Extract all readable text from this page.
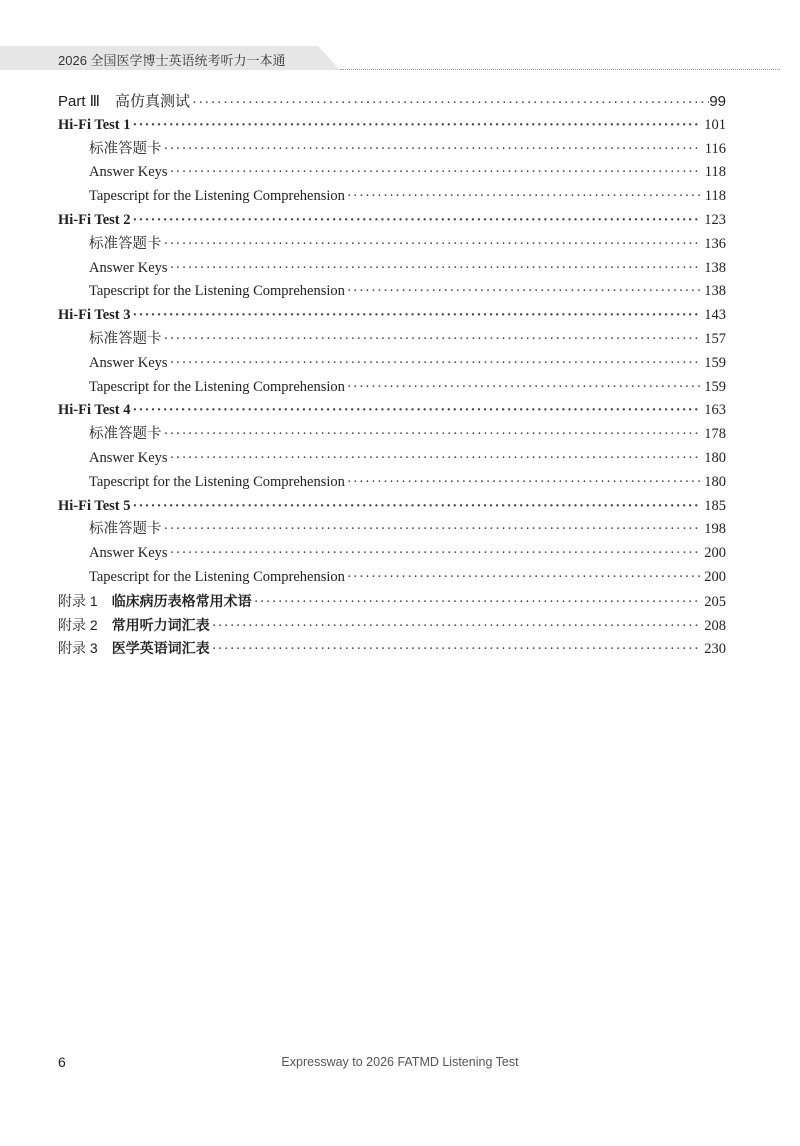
2026 全国医学博士英语统考听力一本通
Part Ⅲ　高仿真测试 ·····	99
Hi-Fi Test 1 ·····	101
标准答题卡 ·····	116
Answer Keys ·····	118
Tapescript for the Listening Comprehension ·····	118
Hi-Fi Test 2 ·····	123
标准答题卡 ·····	136
Answer Keys ·····	138
Tapescript for the Listening Comprehension ·····	138
Hi-Fi Test 3 ·····	143
标准答题卡 ·····	157
Answer Keys ·····	159
Tapescript for the Listening Comprehension ·····	159
Hi-Fi Test 4 ·····	163
标准答题卡 ·····	178
Answer Keys ·····	180
Tapescript for the Listening Comprehension ·····	180
Hi-Fi Test 5 ·····	185
标准答题卡 ·····	198
Answer Keys ·····	200
Tapescript for the Listening Comprehension ·····	200
附录 1　 临床病历表格常用术语 ·····	205
附录 2　 常用听力词汇表 ·····	208
附录 3　 医学英语词汇表 ·····	230
6	Expressway to 2026 FATMD Listening Test
